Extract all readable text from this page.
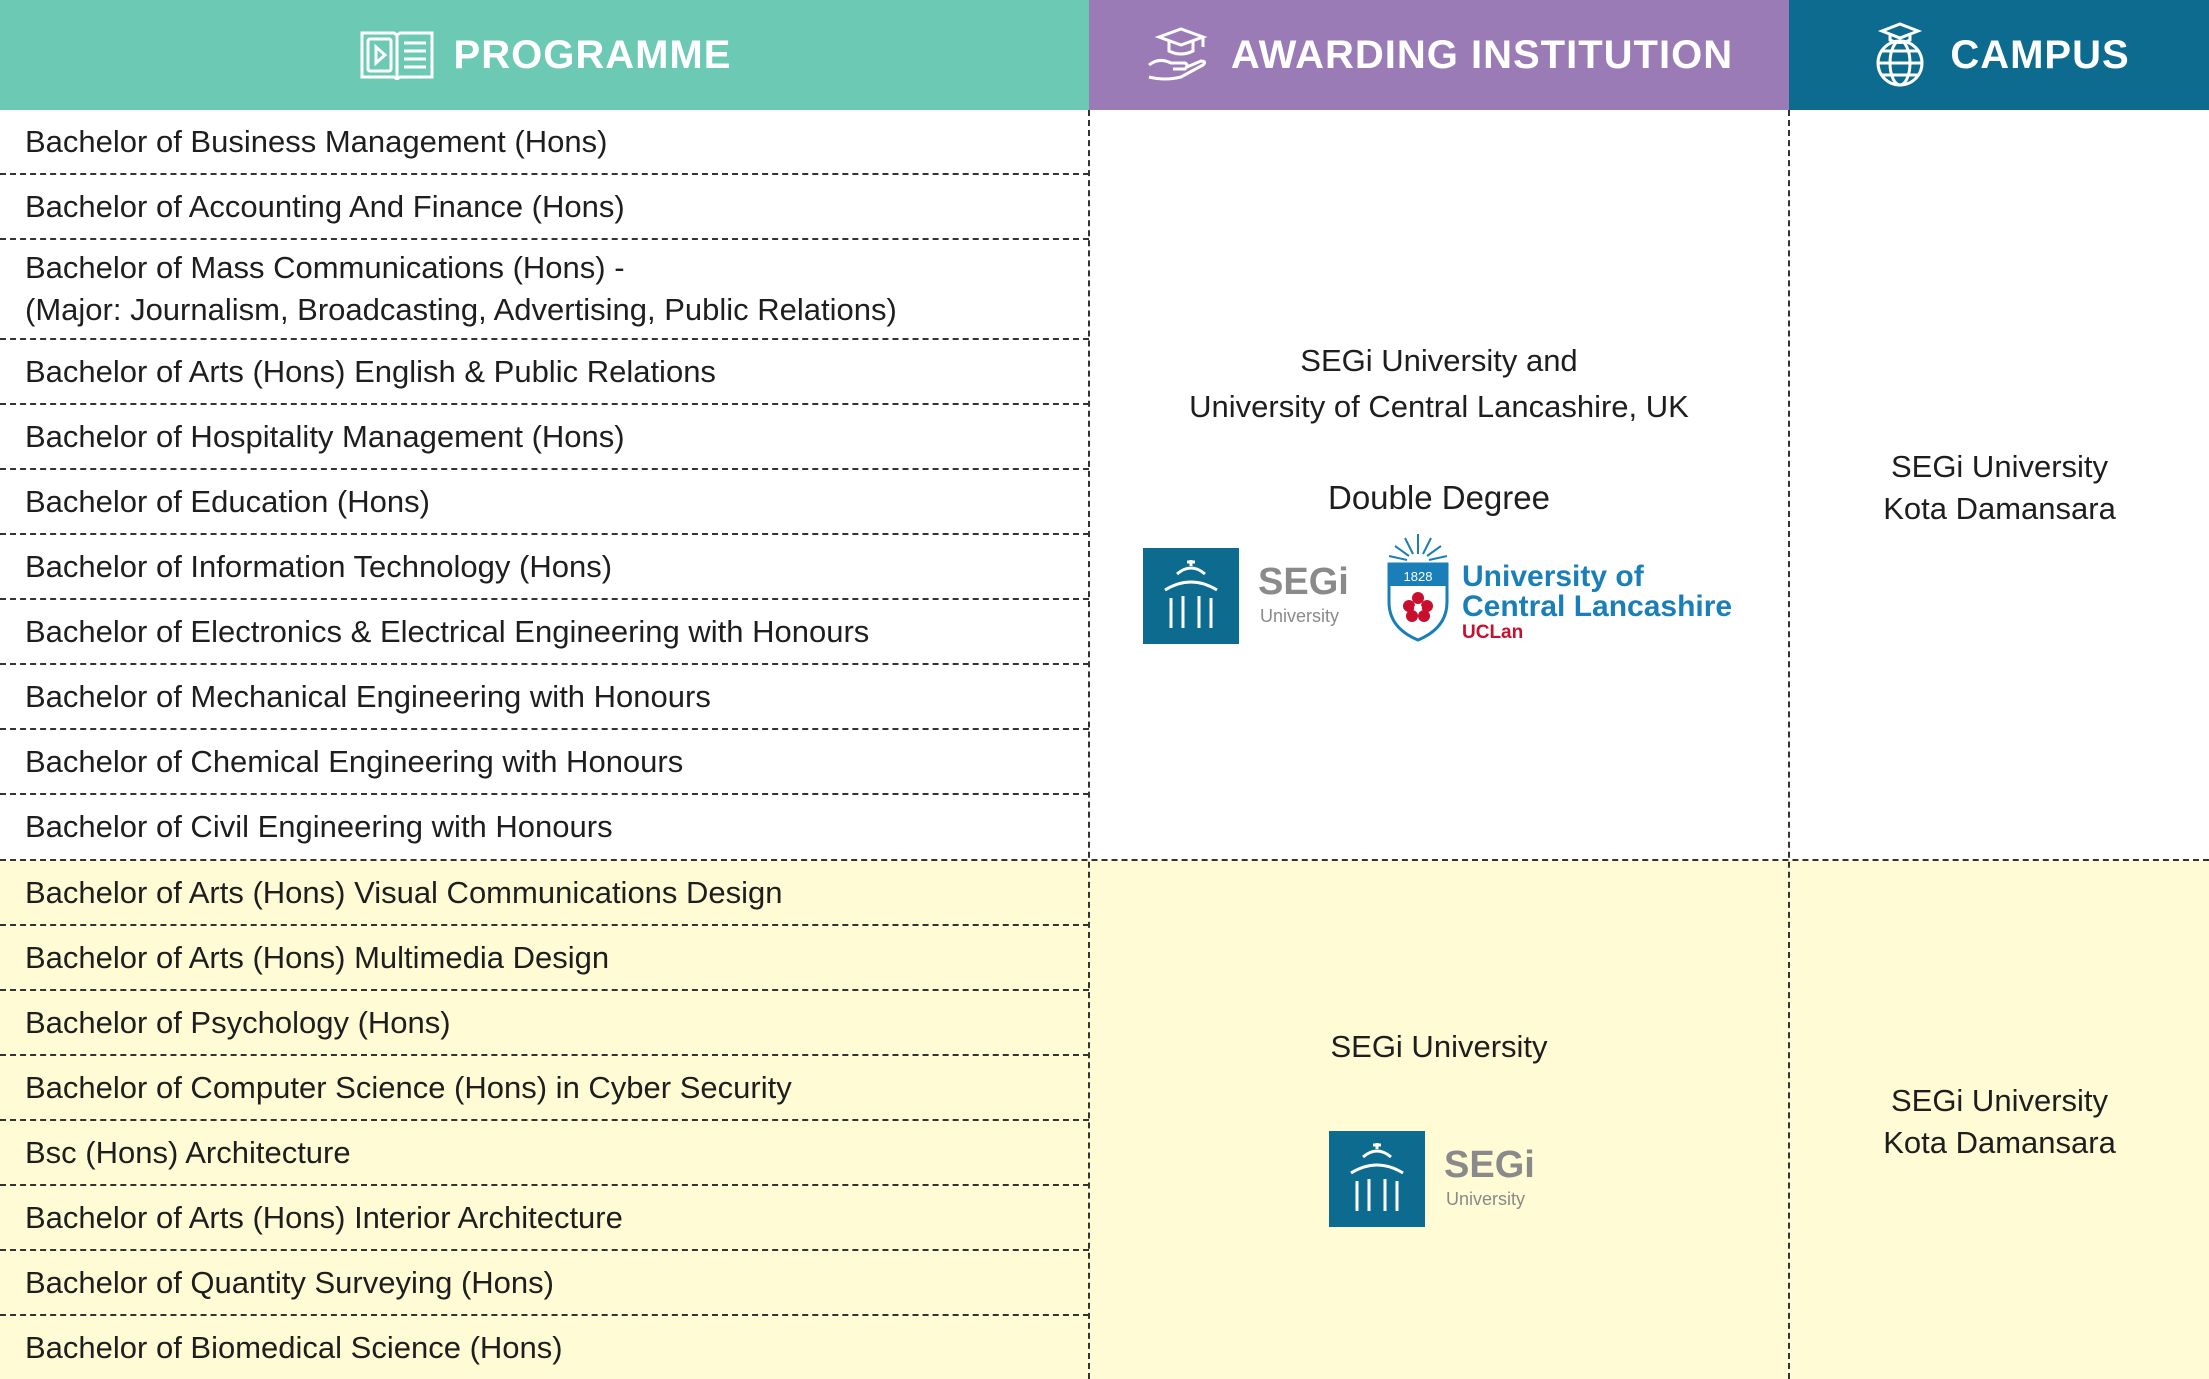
PROGRAMME	AWARDING INSTITUTION	CAMPUS
Bachelor of Business Management (Hons)
Bachelor of Accounting And Finance (Hons)
Bachelor of Mass Communications (Hons) -
(Major: Journalism, Broadcasting, Advertising, Public Relations)
Bachelor of Arts (Hons) English & Public Relations
Bachelor of Hospitality Management (Hons)
Bachelor of Education (Hons)
Bachelor of Information Technology (Hons)
Bachelor of Electronics & Electrical Engineering with Honours
Bachelor of Mechanical Engineering with Honours
Bachelor of Chemical Engineering with Honours
Bachelor of Civil Engineering with Honours
Bachelor of Arts (Hons) Visual Communications Design
Bachelor of Arts (Hons) Multimedia Design
Bachelor of Psychology (Hons)
Bachelor of Computer Science (Hons) in Cyber Security
Bsc (Hons) Architecture
Bachelor of Arts (Hons) Interior Architecture
Bachelor of Quantity Surveying (Hons)
Bachelor of Biomedical Science (Hons)
SEGi University and
University of Central Lancashire, UK
Double Degree
SEGi
University
1828 University of
Central Lancashire
UCLan
SEGi University
Kota Damansara
SEGi University
SEGi
University
SEGi University
Kota Damansara
